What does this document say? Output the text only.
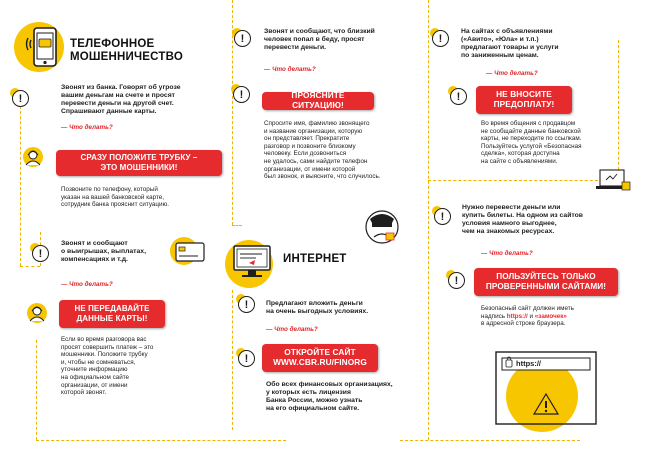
ТЕЛЕФОННОЕ
МОШЕННИЧЕСТВО
!
Звонят из банка. Говорят об угрозе
вашим деньгам на счете и просят
перевести деньги на другой счет.
Спрашивают данные карты.
— Что делать?
СРАЗУ ПОЛОЖИТЕ ТРУБКУ –
ЭТО МОШЕННИКИ!
Позвоните по телефону, который
указан на вашей банковской карте,
сотрудник банка прояснит ситуацию.
!
Звонят и сообщают
о выигрышах, выплатах,
компенсациях и т.д.
— Что делать?
НЕ ПЕРЕДАВАЙТЕ
ДАННЫЕ КАРТЫ!
Если во время разговора вас
просят совершить платеж – это
мошенники. Положите трубку
и, чтобы не сомневаться,
уточните информацию
на официальном сайте
организации, от имени
которой звонят.
!
Звонят и сообщают, что близкий
человек попал в беду, просят
перевести деньги.
— Что делать?
!	ПРОЯСНИТЕ СИТУАЦИЮ!
Спросите имя, фамилию звонящего
и название организации, которую
он представляет. Прекратите
разговор и позвоните близкому
человеку. Если дозвониться
не удалось, сами найдите телефон
организации, от имени которой
был звонок, и выясните, что случилось.
ИНТЕРНЕТ
!	Предлагают вложить деньги
на очень выгодных условиях.
— Что делать?
!
ОТКРОЙТЕ САЙТ
WWW.CBR.RU/FINORG
Обо всех финансовых организациях,
у которых есть лицензия
Банка России, можно узнать
на его официальном сайте.
!
На сайтах с объявлениями
(«Авито», «Юла» и т.п.)
предлагают товары и услуги
по заниженным ценам.
— Что делать?
!	НЕ ВНОСИТЕ
ПРЕДОПЛАТУ!
Во время общения с продавцом
не сообщайте данные банковской
карты, не переходите по ссылкам.
Пользуйтесь услугой «Безопасная
сделка», которая доступна
на сайте с объявлениями.
!
Нужно перевести деньги или
купить билеты. На одном из сайтов
условия намного выгоднее,
чем на знакомых ресурсах.
— Что делать?
!	ПОЛЬЗУЙТЕСЬ ТОЛЬКО
ПРОВЕРЕННЫМИ САЙТАМИ!
Безопасный сайт должен иметь
надпись https:// и «замочек»
в адресной строке браузера.
https://
